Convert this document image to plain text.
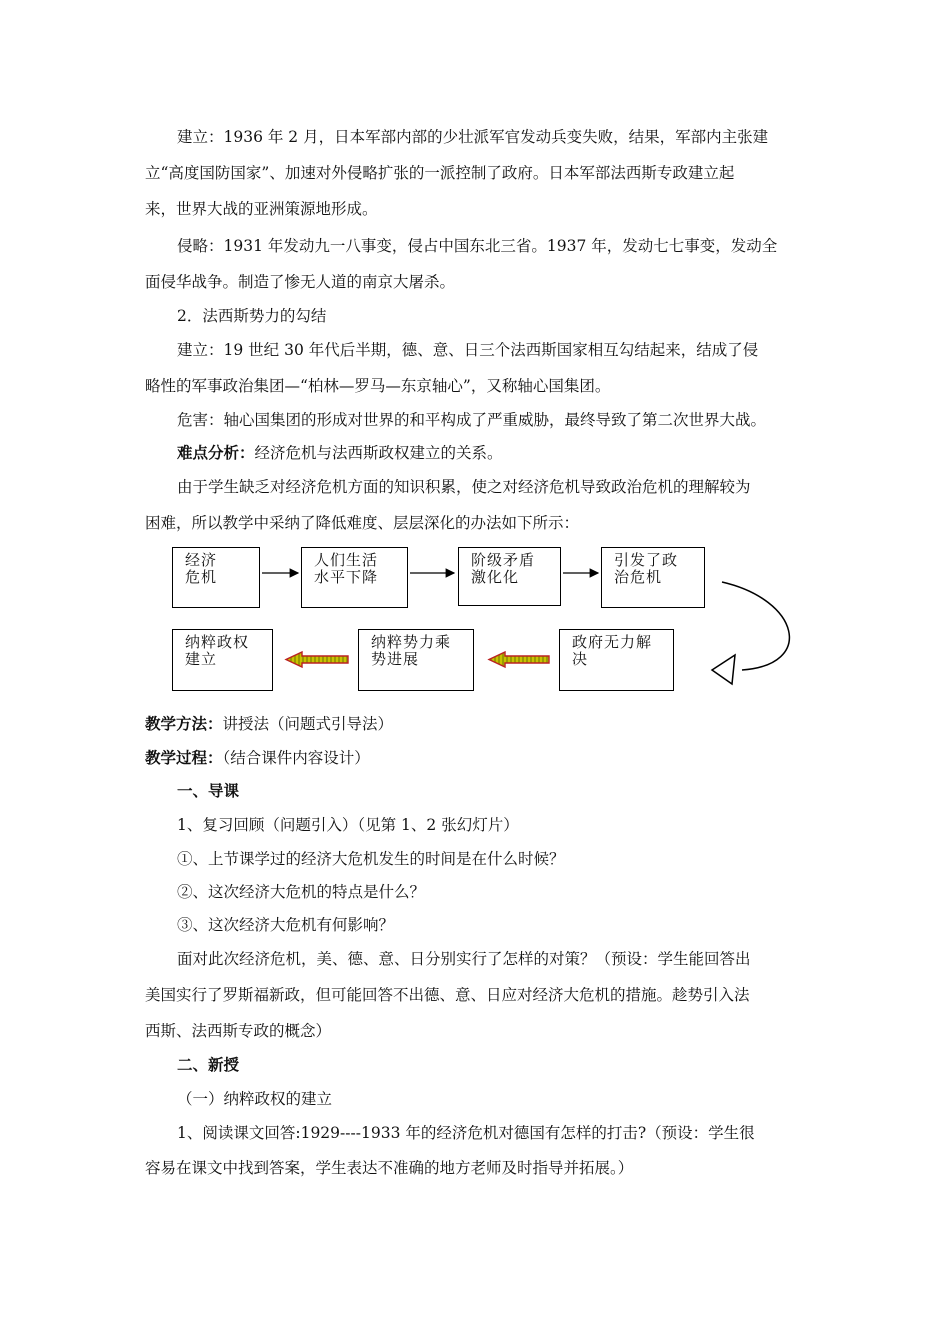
建立：1936 年 2 月，日本军部内部的少壮派军官发动兵变失败，结果，军部内主张建

立“高度国防国家”、加速对外侵略扩张的一派控制了政府。日本军部法西斯专政建立起

来，世界大战的亚洲策源地形成。

侵略：1931 年发动九一八事变，侵占中国东北三省。1937 年，发动七七事变，发动全

面侵华战争。制造了惨无人道的南京大屠杀。

2．法西斯势力的勾结

建立：19 世纪 30 年代后半期，德、意、日三个法西斯国家相互勾结起来，结成了侵

略性的军事政治集团—“柏林—罗马—东京轴心”，又称轴心国集团。

危害：轴心国集团的形成对世界的和平构成了严重威胁，最终导致了第二次世界大战。

难点分析：经济危机与法西斯政权建立的关系。

由于学生缺乏对经济危机方面的知识积累，使之对经济危机导致政治危机的理解较为

困难，所以教学中采纳了降低难度、层层深化的办法如下所示：

经济
危机
人们生活
水平下降
阶级矛盾
激化化
引发了政
治危机
政府无力解
决
纳粹势力乘
势进展
纳粹政权
建立

教学方法：讲授法（问题式引导法）

教学过程：（结合课件内容设计）

一、导课

1、复习回顾（问题引入）（见第 1、2 张幻灯片）

①、上节课学过的经济大危机发生的时间是在什么时候？

②、这次经济大危机的特点是什么？

③、这次经济大危机有何影响？

面对此次经济危机，美、德、意、日分别实行了怎样的对策？（预设：学生能回答出

美国实行了罗斯福新政，但可能回答不出德、意、日应对经济大危机的措施。趁势引入法

西斯、法西斯专政的概念）

二、新授

（一）纳粹政权的建立

1、阅读课文回答:1929----1933 年的经济危机对德国有怎样的打击?（预设：学生很

容易在课文中找到答案，学生表达不准确的地方老师及时指导并拓展。）
